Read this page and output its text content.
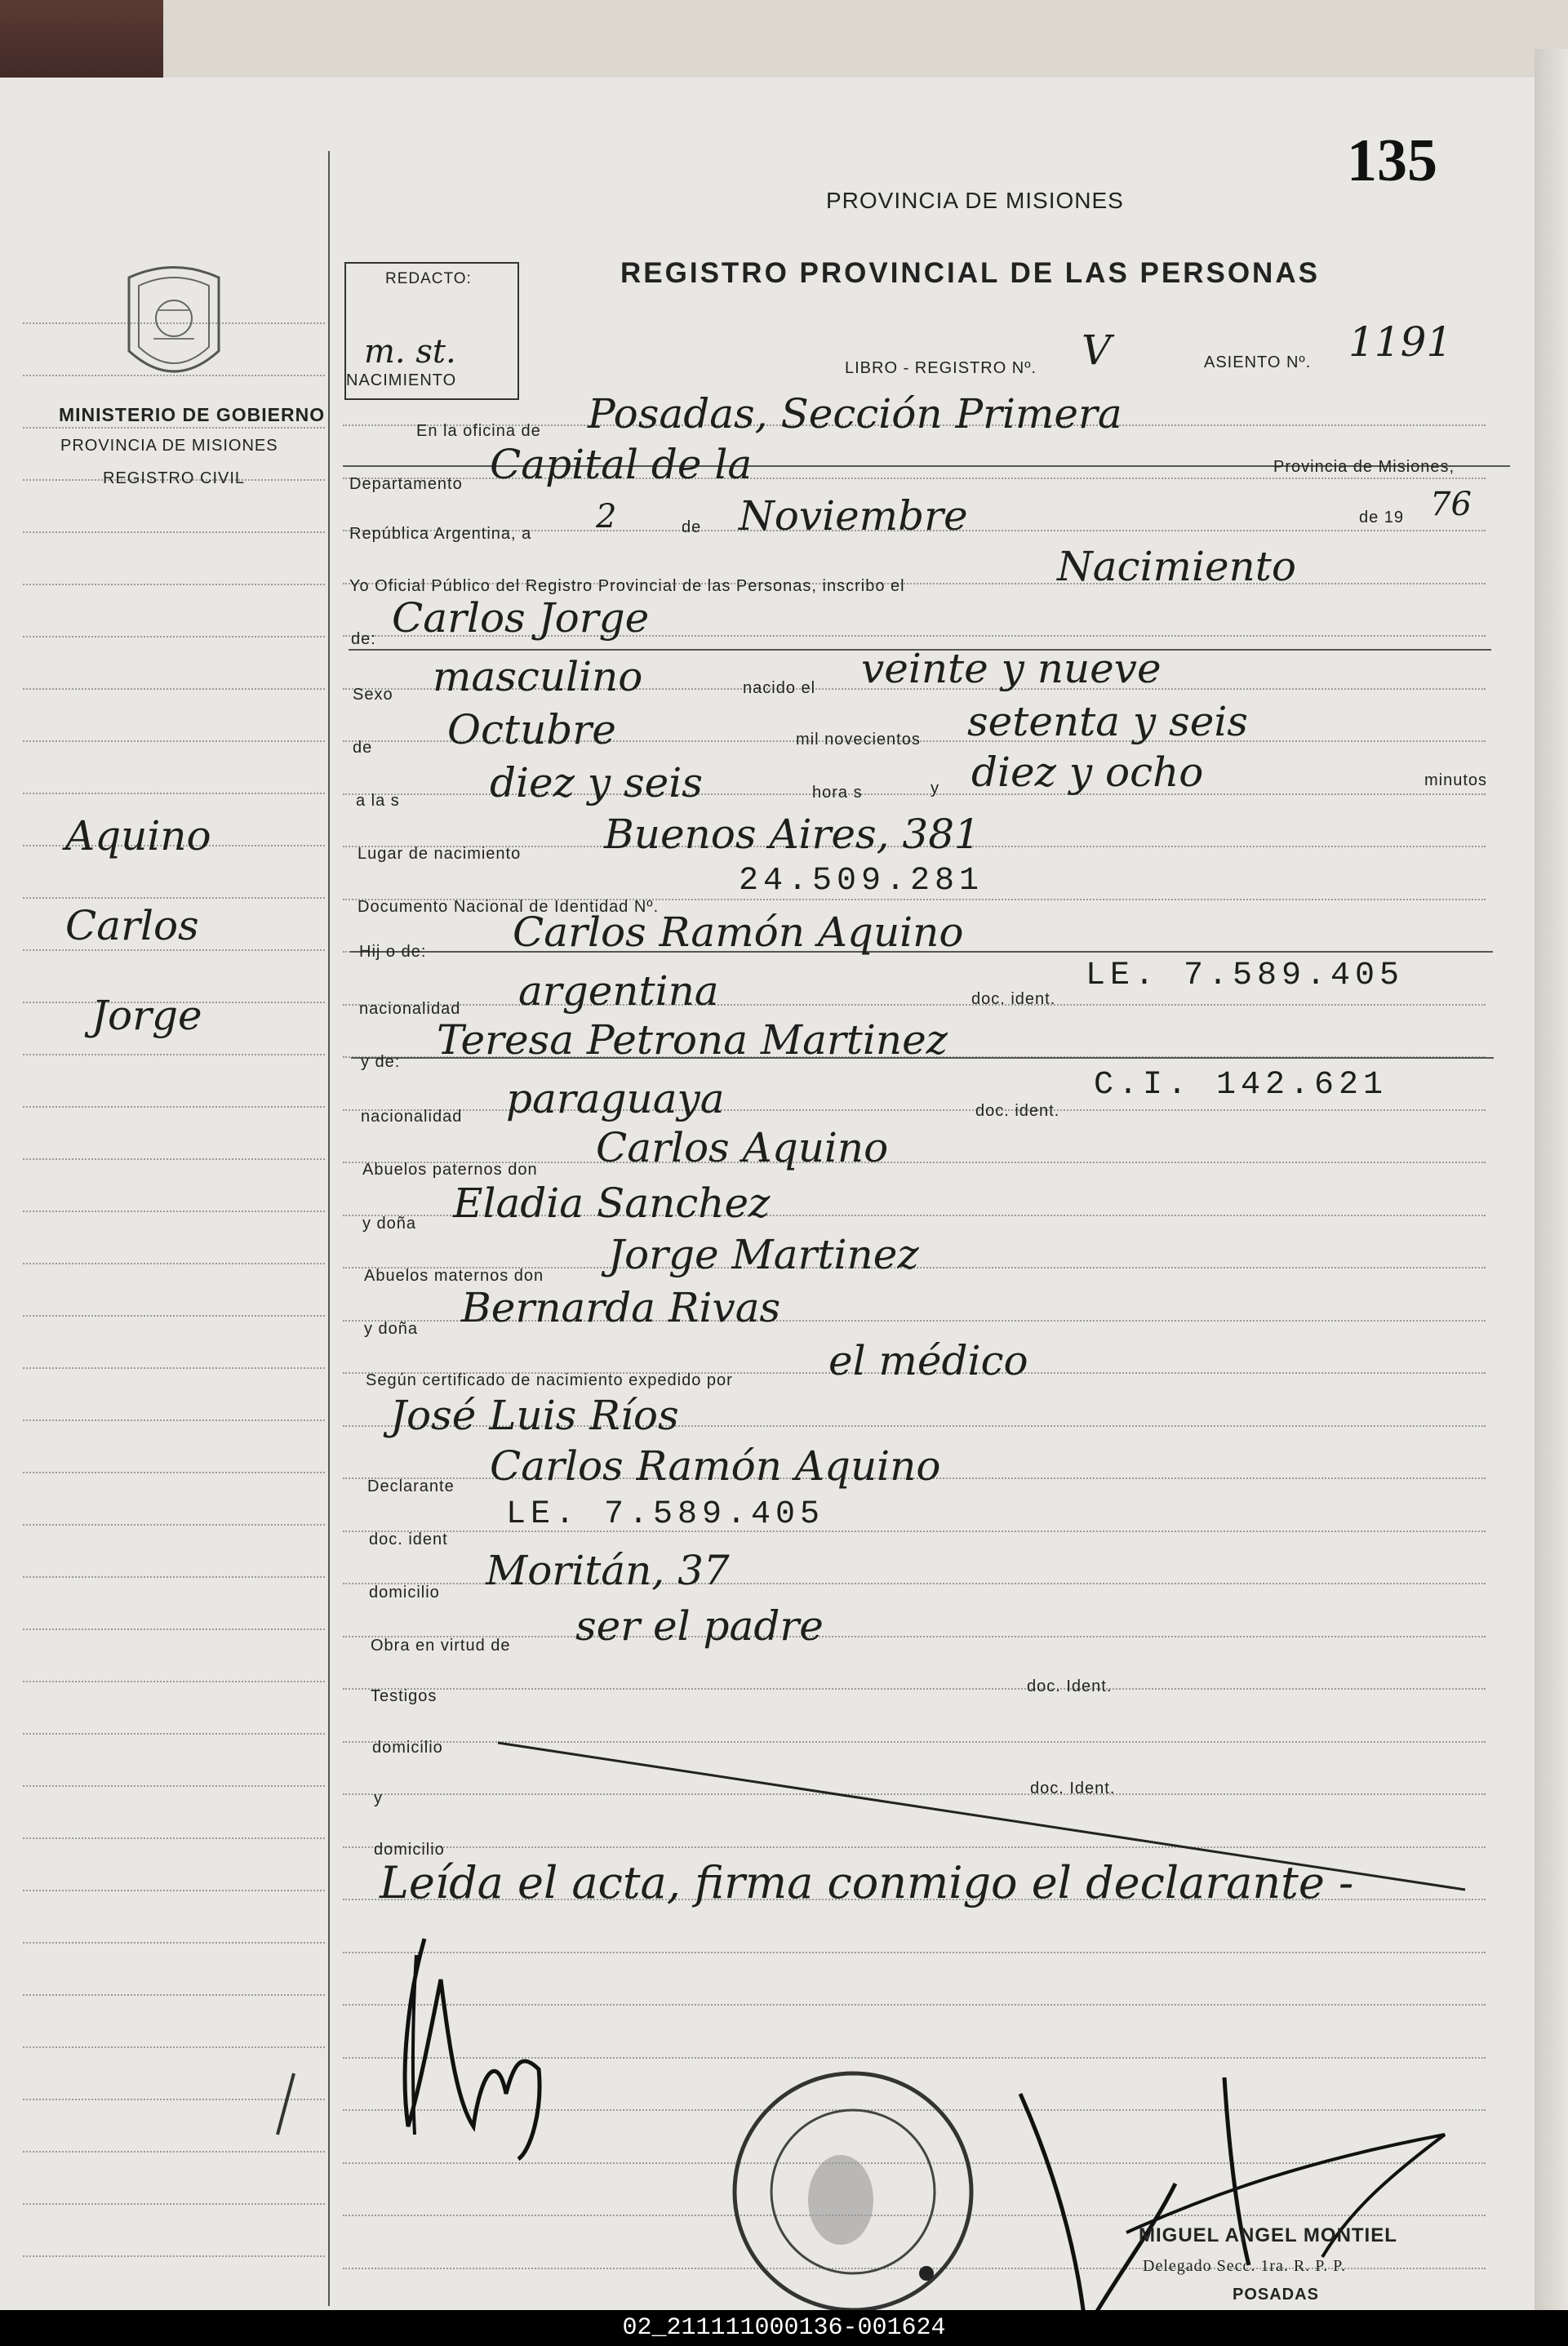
MINISTERIO DE GOBIERNO
PROVINCIA DE MISIONES
REGISTRO CIVIL
Aquino
Carlos
Jorge
135
REDACTO:
m. st.
PROVINCIA DE MISIONES
REGISTRO PROVINCIAL DE LAS PERSONAS
NACIMIENTO
LIBRO - REGISTRO Nº. V	ASIENTO Nº. 1191
En la oficina de Posadas, Sección Primera
Departamento Capital de la	Provincia de Misiones,
República Argentina, a 2	de Noviembre	de 19 76
Yo Oficial Público del Registro Provincial de las Personas, inscribo el	Nacimiento
de: Carlos Jorge
Sexo masculino	nacido el veinte y nueve
de Octubre	mil novecientos setenta y seis
a la s diez y seis	hora s	y diez y ocho	minutos
Lugar de nacimiento Buenos Aires, 381
Documento Nacional de Identidad Nº.
24.509.281
Hij o de: Carlos Ramón Aquino
nacionalidad argentina	doc. ident.
LE. 7.589.405
y de: Teresa Petrona Martinez
nacionalidad paraguaya	doc. ident.
C.I. 142.621
Abuelos paternos don Carlos Aquino
y doña Eladia Sanchez
Abuelos maternos don Jorge Martinez
y doña Bernarda Rivas
Según certificado de nacimiento expedido por el médico
José Luis Ríos
Declarante Carlos Ramón Aquino
doc. ident
LE. 7.589.405
domicilio Moritán, 37
Obra en virtud de ser el padre
Testigos
doc. Ident.
domicilio
y
doc. Ident.
domicilio
Leída el acta, firma conmigo el declarante -
MIGUEL ANGEL MONTIEL
Delegado Secc. 1ra. R. P. P.
POSADAS
02_211111000136-001624
